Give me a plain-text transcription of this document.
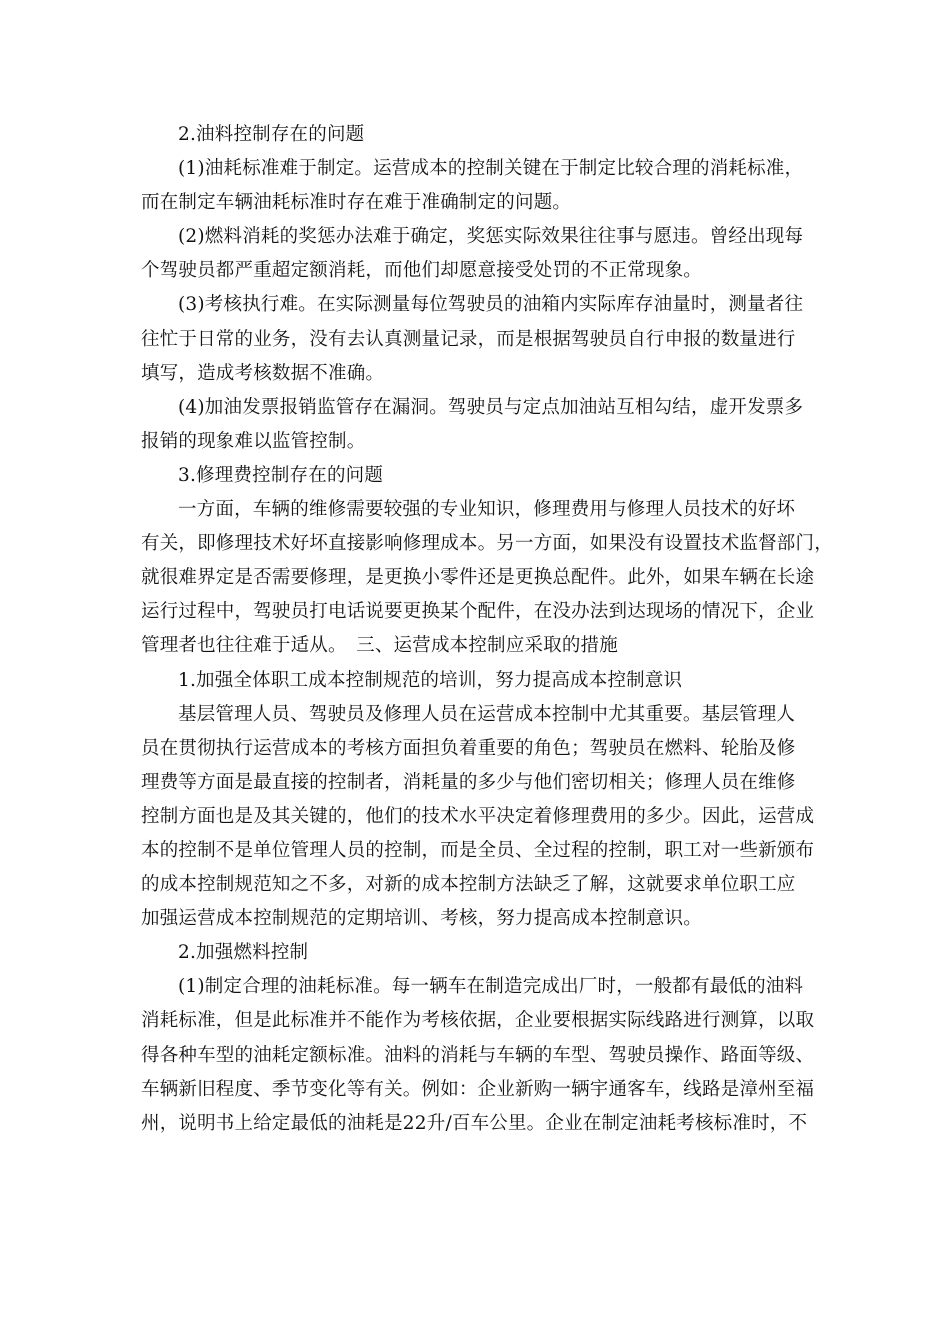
2.油料控制存在的问题
(1)油耗标准难于制定。运营成本的控制关键在于制定比较合理的消耗标准，
而在制定车辆油耗标准时存在难于准确制定的问题。
(2)燃料消耗的奖惩办法难于确定，奖惩实际效果往往事与愿违。曾经出现每
个驾驶员都严重超定额消耗，而他们却愿意接受处罚的不正常现象。
(3)考核执行难。在实际测量每位驾驶员的油箱内实际库存油量时，测量者往
往忙于日常的业务，没有去认真测量记录，而是根据驾驶员自行申报的数量进行
填写，造成考核数据不准确。
(4)加油发票报销监管存在漏洞。驾驶员与定点加油站互相勾结，虚开发票多
报销的现象难以监管控制。
3.修理费控制存在的问题
一方面，车辆的维修需要较强的专业知识，修理费用与修理人员技术的好坏
有关，即修理技术好坏直接影响修理成本。另一方面，如果没有设置技术监督部门，
就很难界定是否需要修理，是更换小零件还是更换总配件。此外，如果车辆在长途
运行过程中，驾驶员打电话说要更换某个配件，在没办法到达现场的情况下，企业
管理者也往往难于适从。　三、运营成本控制应采取的措施
1.加强全体职工成本控制规范的培训，努力提高成本控制意识
基层管理人员、驾驶员及修理人员在运营成本控制中尤其重要。基层管理人
员在贯彻执行运营成本的考核方面担负着重要的角色；驾驶员在燃料、轮胎及修
理费等方面是最直接的控制者，消耗量的多少与他们密切相关；修理人员在维修
控制方面也是及其关键的，他们的技术水平决定着修理费用的多少。因此，运营成
本的控制不是单位管理人员的控制，而是全员、全过程的控制，职工对一些新颁布
的成本控制规范知之不多，对新的成本控制方法缺乏了解，这就要求单位职工应
加强运营成本控制规范的定期培训、考核，努力提高成本控制意识。
2.加强燃料控制
(1)制定合理的油耗标准。每一辆车在制造完成出厂时，一般都有最低的油料
消耗标准，但是此标准并不能作为考核依据，企业要根据实际线路进行测算，以取
得各种车型的油耗定额标准。油料的消耗与车辆的车型、驾驶员操作、路面等级、
车辆新旧程度、季节变化等有关。例如：企业新购一辆宇通客车，线路是漳州至福
州，说明书上给定最低的油耗是22升/百车公里。企业在制定油耗考核标准时，不
